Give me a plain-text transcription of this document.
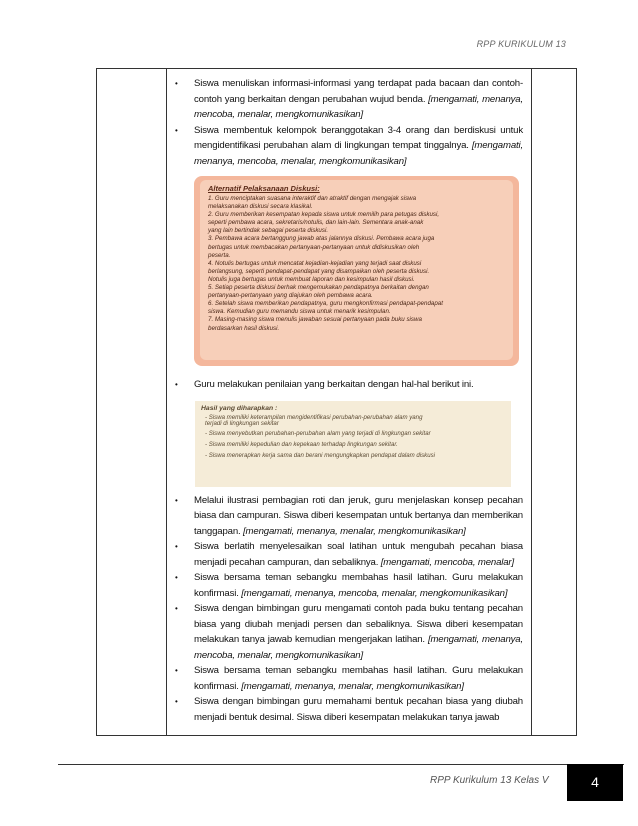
RPP KURIKULUM 13
• Siswa menuliskan informasi-informasi yang terdapat pada bacaan dan contoh-contoh yang berkaitan dengan perubahan wujud benda. [mengamati, menanya, mencoba, menalar, mengkomunikasikan]
• Siswa membentuk kelompok beranggotakan 3-4 orang dan berdiskusi untuk mengidentifikasi perubahan alam di lingkungan tempat tinggalnya. [mengamati, menanya, mencoba, menalar, mengkomunikasikan]
Alternatif Pelaksanaan Diskusi:
1. Guru menciptakan suasana interaktif dan atraktif dengan mengajak siswa
melaksanakan diskusi secara klasikal.
2. Guru memberikan kesempatan kepada siswa untuk memilih para petugas diskusi,
seperti pembawa acara, sekretaris/notulis, dan lain-lain. Sementara anak-anak
yang lain bertindak sebagai peserta diskusi.
3. Pembawa acara bertanggung jawab atas jalannya diskusi. Pembawa acara juga
bertugas untuk membacakan pertanyaan-pertanyaan untuk didiskusikan oleh
peserta.
4. Notulis bertugas untuk mencatat kejadian-kejadian yang terjadi saat diskusi
berlangsung, seperti pendapat-pendapat yang disampaikan oleh peserta diskusi.
Notulis juga bertugas untuk membuat laporan dan kesimpulan hasil diskusi.
5. Setiap peserta diskusi berhak mengemukakan pendapatnya berkaitan dengan
pertanyaan-pertanyaan yang diajukan oleh pembawa acara.
6. Setelah siswa memberikan pendapatnya, guru mengkonfirmasi pendapat-pendapat
siswa. Kemudian guru memandu siswa untuk menarik kesimpulan.
7. Masing-masing siswa menulis jawaban sesuai pertanyaan pada buku siswa
berdasarkan hasil diskusi.
• Guru melakukan penilaian yang berkaitan dengan hal-hal berikut ini.
Hasil yang diharapkan :
- Siswa memiliki keterampilan mengidentifikasi perubahan-perubahan alam yang
terjadi di lingkungan sekitar
- Siswa menyebutkan perubahan-perubahan alam yang terjadi di lingkungan sekitar
- Siswa memiliki kepedulian dan kepekaan terhadap lingkungan sekitar.
- Siswa menerapkan kerja sama dan berani mengungkapkan pendapat dalam diskusi
• Melalui ilustrasi pembagian roti dan jeruk, guru menjelaskan konsep pecahan biasa dan campuran. Siswa diberi kesempatan untuk bertanya dan memberikan tanggapan. [mengamati, menanya, menalar, mengkomunikasikan]
• Siswa berlatih menyelesaikan soal latihan untuk mengubah pecahan biasa menjadi pecahan campuran, dan sebaliknya. [mengamati, mencoba, menalar]
• Siswa bersama teman sebangku membahas hasil latihan. Guru melakukan konfirmasi. [mengamati, menanya, mencoba, menalar, mengkomunikasikan]
• Siswa dengan bimbingan guru mengamati contoh pada buku tentang pecahan biasa yang diubah menjadi persen dan sebaliknya. Siswa diberi kesempatan melakukan tanya jawab kemudian mengerjakan latihan. [mengamati, menanya, mencoba, menalar, mengkomunikasikan]
• Siswa bersama teman sebangku membahas hasil latihan. Guru melakukan konfirmasi. [mengamati, menanya, menalar, mengkomunikasikan]
• Siswa dengan bimbingan guru memahami bentuk pecahan biasa yang diubah menjadi bentuk desimal. Siswa diberi kesempatan melakukan tanya jawab
RPP Kurikulum 13 Kelas V	4
